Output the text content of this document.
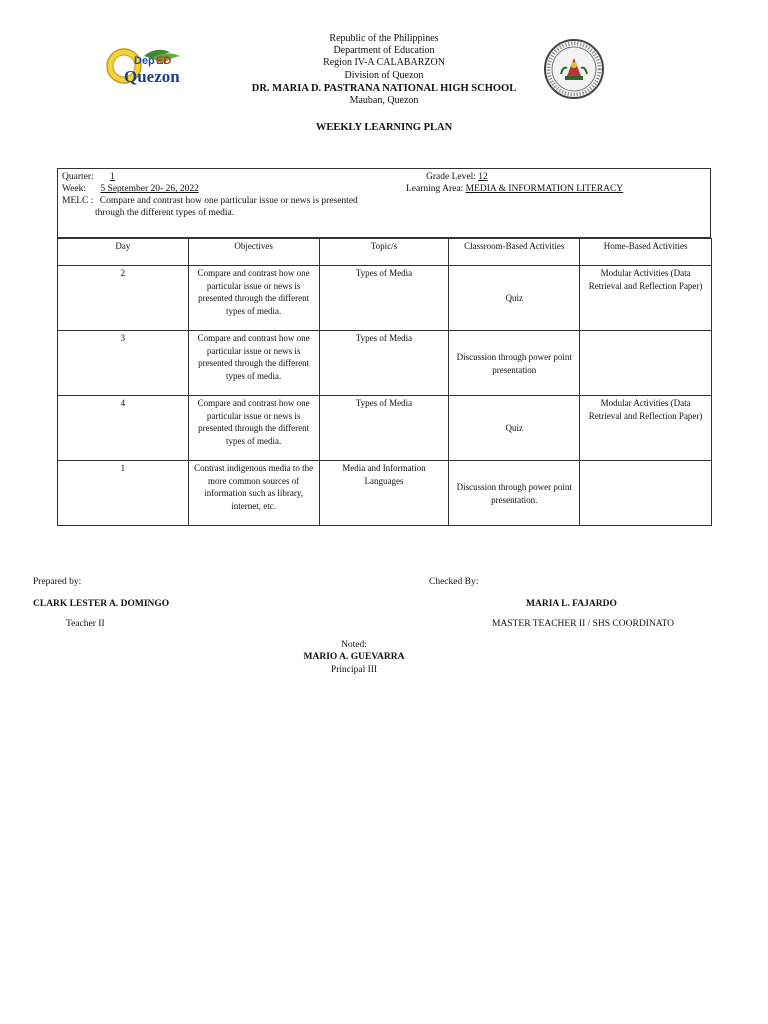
Dep ED
Quezon
Republic of the Philippines
Department of Education
Region IV-A CALABARZON
Division of Quezon
DR. MARIA D. PASTRANA NATIONAL HIGH SCHOOL
Mauban, Quezon
WEEKLY LEARNING PLAN
Quarter: 1	Grade Level: 12
Week: 5 September 20- 26, 2022	Learning Area: MEDIA & INFORMATION LITERACY
MELC : Compare and contrast how one particular issue or news is presented
through the different types of media.
Day	Objectives	Topic/s	Classroom-Based Activities	Home-Based Activities
2	Compare and contrast how one particular issue or news is presented through the different types of media.	Types of Media	Quiz	Modular Activities (Data Retrieval and Reflection Paper)
3	Compare and contrast how one particular issue or news is presented through the different types of media.	Types of Media	Discussion through power point presentation	
4	Compare and contrast how one particular issue or news is presented through the different types of media.	Types of Media	Quiz	Modular Activities (Data Retrieval and Reflection Paper)
1	Contrast indigenous media to the more common sources of information such as library, internet, etc.	Media and Information Languages	Discussion through power point presentation.	
Prepared by:
CLARK LESTER A. DOMINGO
Teacher II
Checked By:
MARIA L. FAJARDO
MASTER TEACHER II / SHS COORDINATO
Noted:
MARIO A. GUEVARRA
Principal III
